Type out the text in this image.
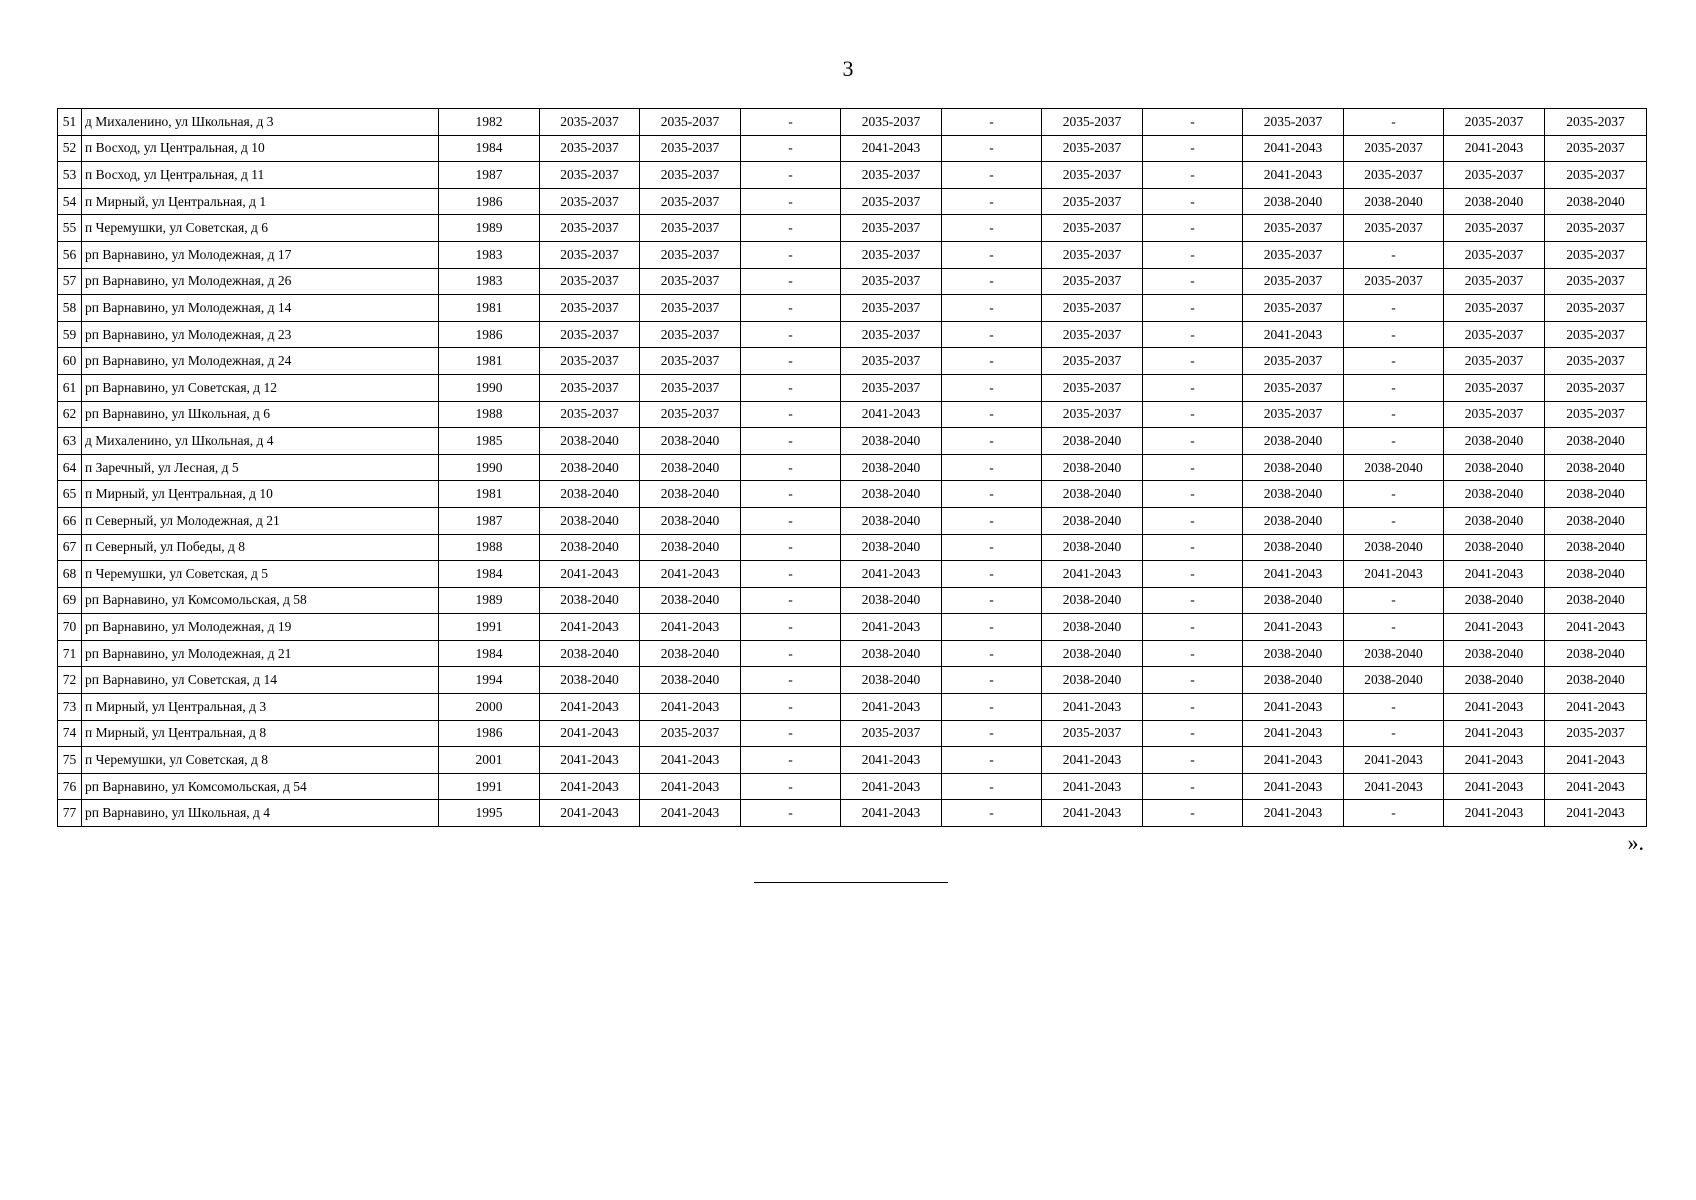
3
51	д Михаленино, ул Школьная, д 3	1982	2035-2037	2035-2037	-	2035-2037	-	2035-2037	-	2035-2037	-	2035-2037	2035-2037
52	п Восход, ул Центральная, д 10	1984	2035-2037	2035-2037	-	2041-2043	-	2035-2037	-	2041-2043	2035-2037	2041-2043	2035-2037
53	п Восход, ул Центральная, д 11	1987	2035-2037	2035-2037	-	2035-2037	-	2035-2037	-	2041-2043	2035-2037	2035-2037	2035-2037
54	п Мирный, ул Центральная, д 1	1986	2035-2037	2035-2037	-	2035-2037	-	2035-2037	-	2038-2040	2038-2040	2038-2040	2038-2040
55	п Черемушки, ул Советская, д 6	1989	2035-2037	2035-2037	-	2035-2037	-	2035-2037	-	2035-2037	2035-2037	2035-2037	2035-2037
56	рп Варнавино, ул Молодежная, д 17	1983	2035-2037	2035-2037	-	2035-2037	-	2035-2037	-	2035-2037	-	2035-2037	2035-2037
57	рп Варнавино, ул Молодежная, д 26	1983	2035-2037	2035-2037	-	2035-2037	-	2035-2037	-	2035-2037	2035-2037	2035-2037	2035-2037
58	рп Варнавино, ул Молодежная, д 14	1981	2035-2037	2035-2037	-	2035-2037	-	2035-2037	-	2035-2037	-	2035-2037	2035-2037
59	рп Варнавино, ул Молодежная, д 23	1986	2035-2037	2035-2037	-	2035-2037	-	2035-2037	-	2041-2043	-	2035-2037	2035-2037
60	рп Варнавино, ул Молодежная, д 24	1981	2035-2037	2035-2037	-	2035-2037	-	2035-2037	-	2035-2037	-	2035-2037	2035-2037
61	рп Варнавино, ул Советская, д 12	1990	2035-2037	2035-2037	-	2035-2037	-	2035-2037	-	2035-2037	-	2035-2037	2035-2037
62	рп Варнавино, ул Школьная, д 6	1988	2035-2037	2035-2037	-	2041-2043	-	2035-2037	-	2035-2037	-	2035-2037	2035-2037
63	д Михаленино, ул Школьная, д 4	1985	2038-2040	2038-2040	-	2038-2040	-	2038-2040	-	2038-2040	-	2038-2040	2038-2040
64	п Заречный, ул Лесная, д 5	1990	2038-2040	2038-2040	-	2038-2040	-	2038-2040	-	2038-2040	2038-2040	2038-2040	2038-2040
65	п Мирный, ул Центральная, д 10	1981	2038-2040	2038-2040	-	2038-2040	-	2038-2040	-	2038-2040	-	2038-2040	2038-2040
66	п Северный, ул Молодежная, д 21	1987	2038-2040	2038-2040	-	2038-2040	-	2038-2040	-	2038-2040	-	2038-2040	2038-2040
67	п Северный, ул Победы, д 8	1988	2038-2040	2038-2040	-	2038-2040	-	2038-2040	-	2038-2040	2038-2040	2038-2040	2038-2040
68	п Черемушки, ул Советская, д 5	1984	2041-2043	2041-2043	-	2041-2043	-	2041-2043	-	2041-2043	2041-2043	2041-2043	2038-2040
69	рп Варнавино, ул Комсомольская, д 58	1989	2038-2040	2038-2040	-	2038-2040	-	2038-2040	-	2038-2040	-	2038-2040	2038-2040
70	рп Варнавино, ул Молодежная, д 19	1991	2041-2043	2041-2043	-	2041-2043	-	2038-2040	-	2041-2043	-	2041-2043	2041-2043
71	рп Варнавино, ул Молодежная, д 21	1984	2038-2040	2038-2040	-	2038-2040	-	2038-2040	-	2038-2040	2038-2040	2038-2040	2038-2040
72	рп Варнавино, ул Советская, д 14	1994	2038-2040	2038-2040	-	2038-2040	-	2038-2040	-	2038-2040	2038-2040	2038-2040	2038-2040
73	п Мирный, ул Центральная, д 3	2000	2041-2043	2041-2043	-	2041-2043	-	2041-2043	-	2041-2043	-	2041-2043	2041-2043
74	п Мирный, ул Центральная, д 8	1986	2041-2043	2035-2037	-	2035-2037	-	2035-2037	-	2041-2043	-	2041-2043	2035-2037
75	п Черемушки, ул Советская, д 8	2001	2041-2043	2041-2043	-	2041-2043	-	2041-2043	-	2041-2043	2041-2043	2041-2043	2041-2043
76	рп Варнавино, ул Комсомольская, д 54	1991	2041-2043	2041-2043	-	2041-2043	-	2041-2043	-	2041-2043	2041-2043	2041-2043	2041-2043
77	рп Варнавино, ул Школьная, д 4	1995	2041-2043	2041-2043	-	2041-2043	-	2041-2043	-	2041-2043	-	2041-2043	2041-2043
».
